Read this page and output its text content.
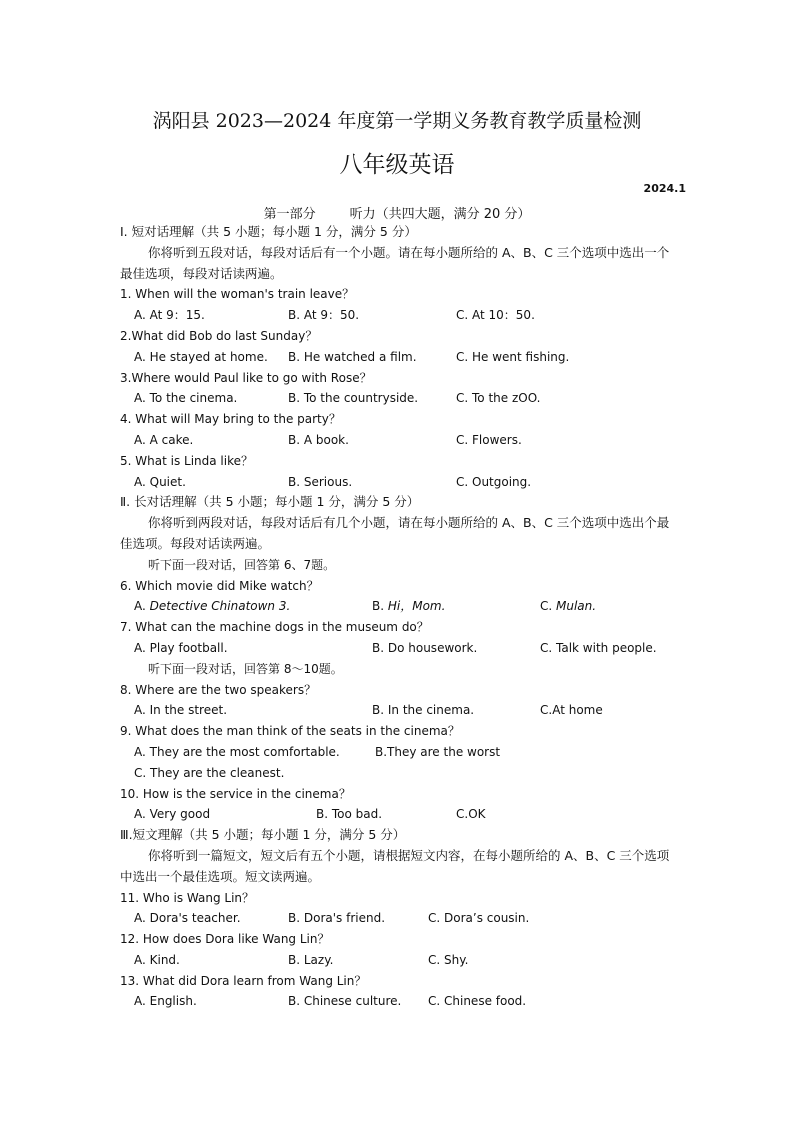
涡阳县 2023—2024 年度第一学期义务教育教学质量检测
八年级英语
2024.1
第一部分	听力（共四大题，满分 20 分）
I. 短对话理解（共 5 小题；每小题 1 分，满分 5 分）
你将听到五段对话，每段对话后有一个小题。请在每小题所给的 A、B、C 三个选项中选出一个最佳选项，每段对话读两遍。
1. When will the woman's train leave？
A. At 9：15.	B. At 9：50.	C. At 10：50.
2.What did Bob do last Sunday？
A. He stayed at home. B. He watched a film.	C. He went fishing.
3.Where would Paul like to go with Rose？
A. To the cinema.	B. To the countryside.	C. To the zOO.
4. What will May bring to the party？
A. A cake.	B. A book.	C. Flowers.
5. What is Linda like？
A. Quiet.	B. Serious.	C. Outgoing.
Ⅱ. 长对话理解（共 5 小题；每小题 1 分，满分 5 分）
你将听到两段对话，每段对话后有几个小题，请在每小题所给的 A、B、C 三个选项中选出个最佳选项。每段对话读两遍。
听下面一段对话，回答第 6、7题。
6. Which movie did Mike watch？
A. Detective Chinatown 3.	B. Hi，Mom.	C. Mulan.
7. What can the machine dogs in the museum do？
A. Play football.	B. Do housework.	C. Talk with people.
听下面一段对话，回答第 8～10题。
8. Where are the two speakers？
A. In the street.	B. In the cinema.	C.At home
9. What does the man think of the seats in the cinema？
A. They are the most comfortable.	B.They are the worst
C. They are the cleanest.
10. How is the service in the cinema？
A. Very good	B. Too bad.	C.OK
Ⅲ.短文理解（共 5 小题；每小题 1 分，满分 5 分）
你将听到一篇短文，短文后有五个小题，请根据短文内容，在每小题所给的 A、B、C 三个选项中选出一个最佳选项。短文读两遍。
11. Who is Wang Lin？
A. Dora's teacher.	B. Dora's friend.	C. Dora’s cousin.
12. How does Dora like Wang Lin？
A. Kind.	B. Lazy.	C. Shy.
13. What did Dora learn from Wang Lin？
A. English.	B. Chinese culture. C. Chinese food.
